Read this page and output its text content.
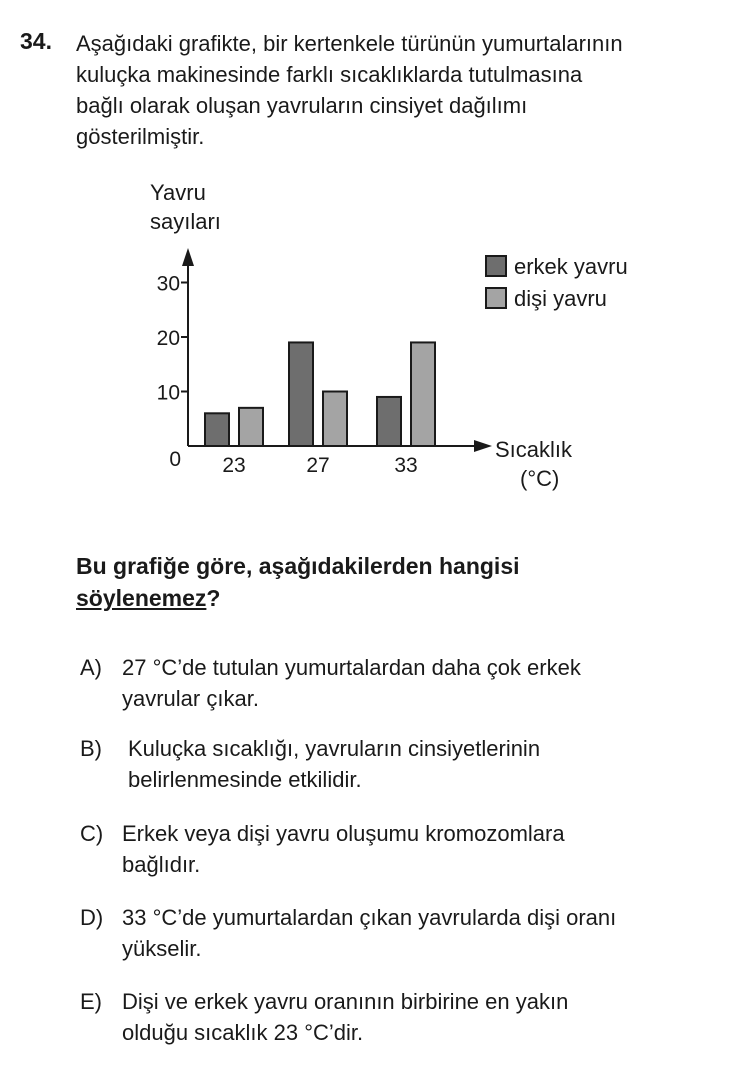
34. Aşağıdaki grafikte, bir kertenkele türünün yumurtalarının
kuluçka makinesinde farklı sıcaklıklarda tutulmasına
bağlı olarak oluşan yavruların cinsiyet dağılımı
gösterilmiştir.
Yavru
sayıları
0
10
20
30
23	27	33
Sıcaklık
(°C)
erkek yavru
dişi yavru
Bu grafiğe göre, aşağıdakilerden hangisi
söylenemez?
A) 27 °C’de tutulan yumurtalardan daha çok erkek
yavrular çıkar.
B) Kuluçka sıcaklığı, yavruların cinsiyetlerinin
belirlenmesinde etkilidir.
C) Erkek veya dişi yavru oluşumu kromozomlara
bağlıdır.
D) 33 °C’de yumurtalardan çıkan yavrularda dişi oranı
yükselir.
E) Dişi ve erkek yavru oranının birbirine en yakın
olduğu sıcaklık 23 °C’dir.
